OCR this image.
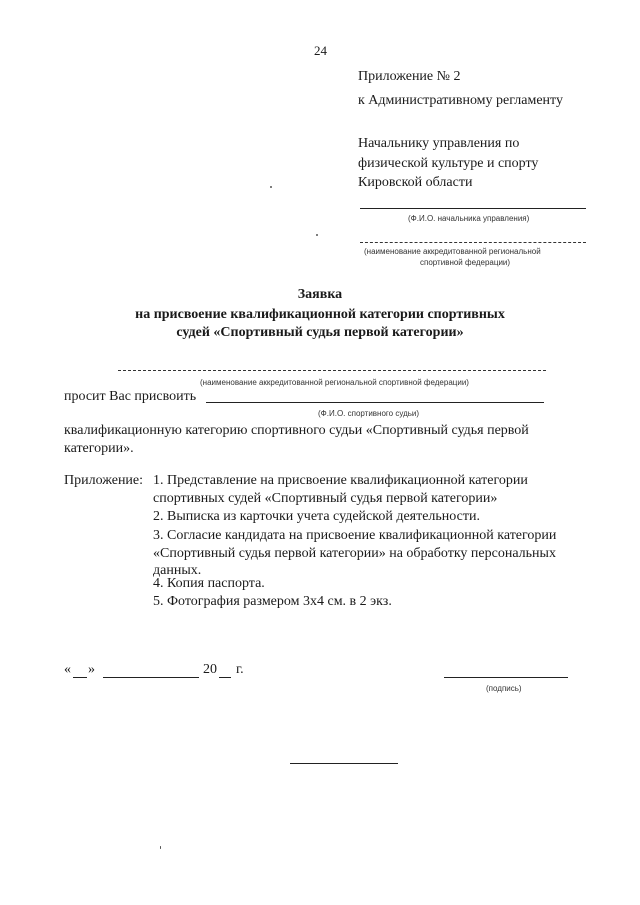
24
Приложение № 2
к Административному регламенту
Начальнику управления по
физической культуре и спорту
Кировской области
(Ф.И.О. начальника управления)
(наименование аккредитованной региональной
спортивной федерации)
Заявка
на присвоение квалификационной категории спортивных
судей «Спортивный судья первой категории»
(наименование аккредитованной региональной спортивной федерации)
просит Вас присвоить
(Ф.И.О. спортивного судьи)
квалификационную категорию спортивного судьи «Спортивный судья первой
категории».
Приложение: 1. Представление на присвоение квалификационной категории
спортивных судей «Спортивный судья первой категории»
2. Выписка из карточки учета судейской деятельности.
3. Согласие кандидата на присвоение квалификационной категории
«Спортивный судья первой категории» на обработку персональных
данных.
4. Копия паспорта.
5. Фотография размером 3х4 см. в 2 экз.
« »	20 г.
(подпись)
